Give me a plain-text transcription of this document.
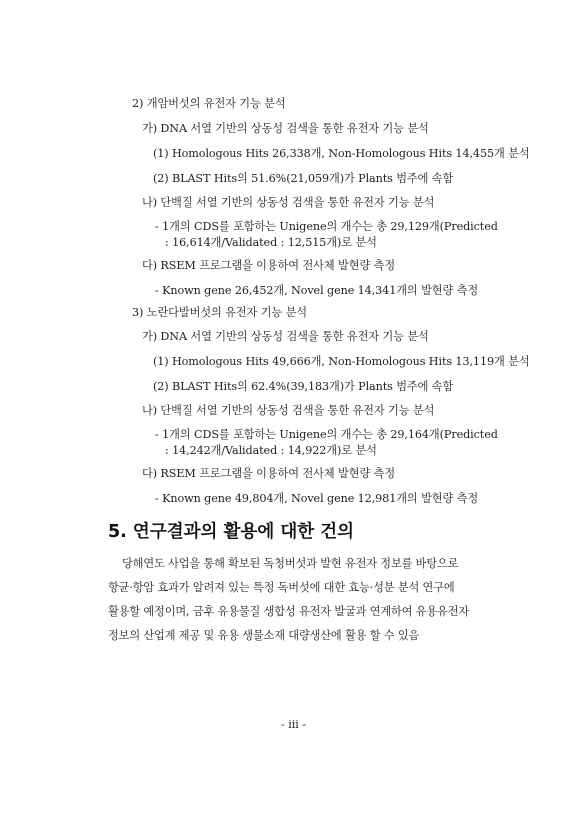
2) 개암버섯의 유전자 기능 분석
가) DNA 서열 기반의 상동성 검색을 통한 유전자 기능 분석
(1) Homologous Hits 26,338개, Non-Homologous Hits 14,455개 분석
(2) BLAST Hits의 51.6%(21,059개)가 Plants 범주에 속함
나) 단백질 서열 기반의 상동성 검색을 통한 유전자 기능 분석
- 1개의 CDS를 포함하는 Unigene의 개수는 총 29,129개(Predicted
: 16,614개/Validated : 12,515개)로 분석
다) RSEM 프로그램을 이용하여 전사체 발현량 측정
- Known gene 26,452개, Novel gene 14,341개의 발현량 측정
3) 노란다발버섯의 유전자 기능 분석
가) DNA 서열 기반의 상동성 검색을 통한 유전자 기능 분석
(1) Homologous Hits 49,666개, Non-Homologous Hits 13,119개 분석
(2) BLAST Hits의 62.4%(39,183개)가 Plants 범주에 속함
나) 단백질 서열 기반의 상동성 검색을 통한 유전자 기능 분석
- 1개의 CDS를 포함하는 Unigene의 개수는 총 29,164개(Predicted
: 14,242개/Validated : 14,922개)로 분석
다) RSEM 프로그램을 이용하여 전사체 발현량 측정
- Known gene 49,804개, Novel gene 12,981개의 발현량 측정
5. 연구결과의 활용에 대한 건의
당해연도 사업을 통해 확보된 독청버섯과 발현 유전자 정보를 바탕으로
항균·항암 효과가 알려져 있는 특정 독버섯에 대한 효능·성분 분석 연구에
활용할 예정이며, 금후 유용물질 생합성 유전자 발굴과 연계하여 유용유전자
정보의 산업계 제공 및 유용 생물소재 대량생산에 활용 할 수 있음
- iii -
